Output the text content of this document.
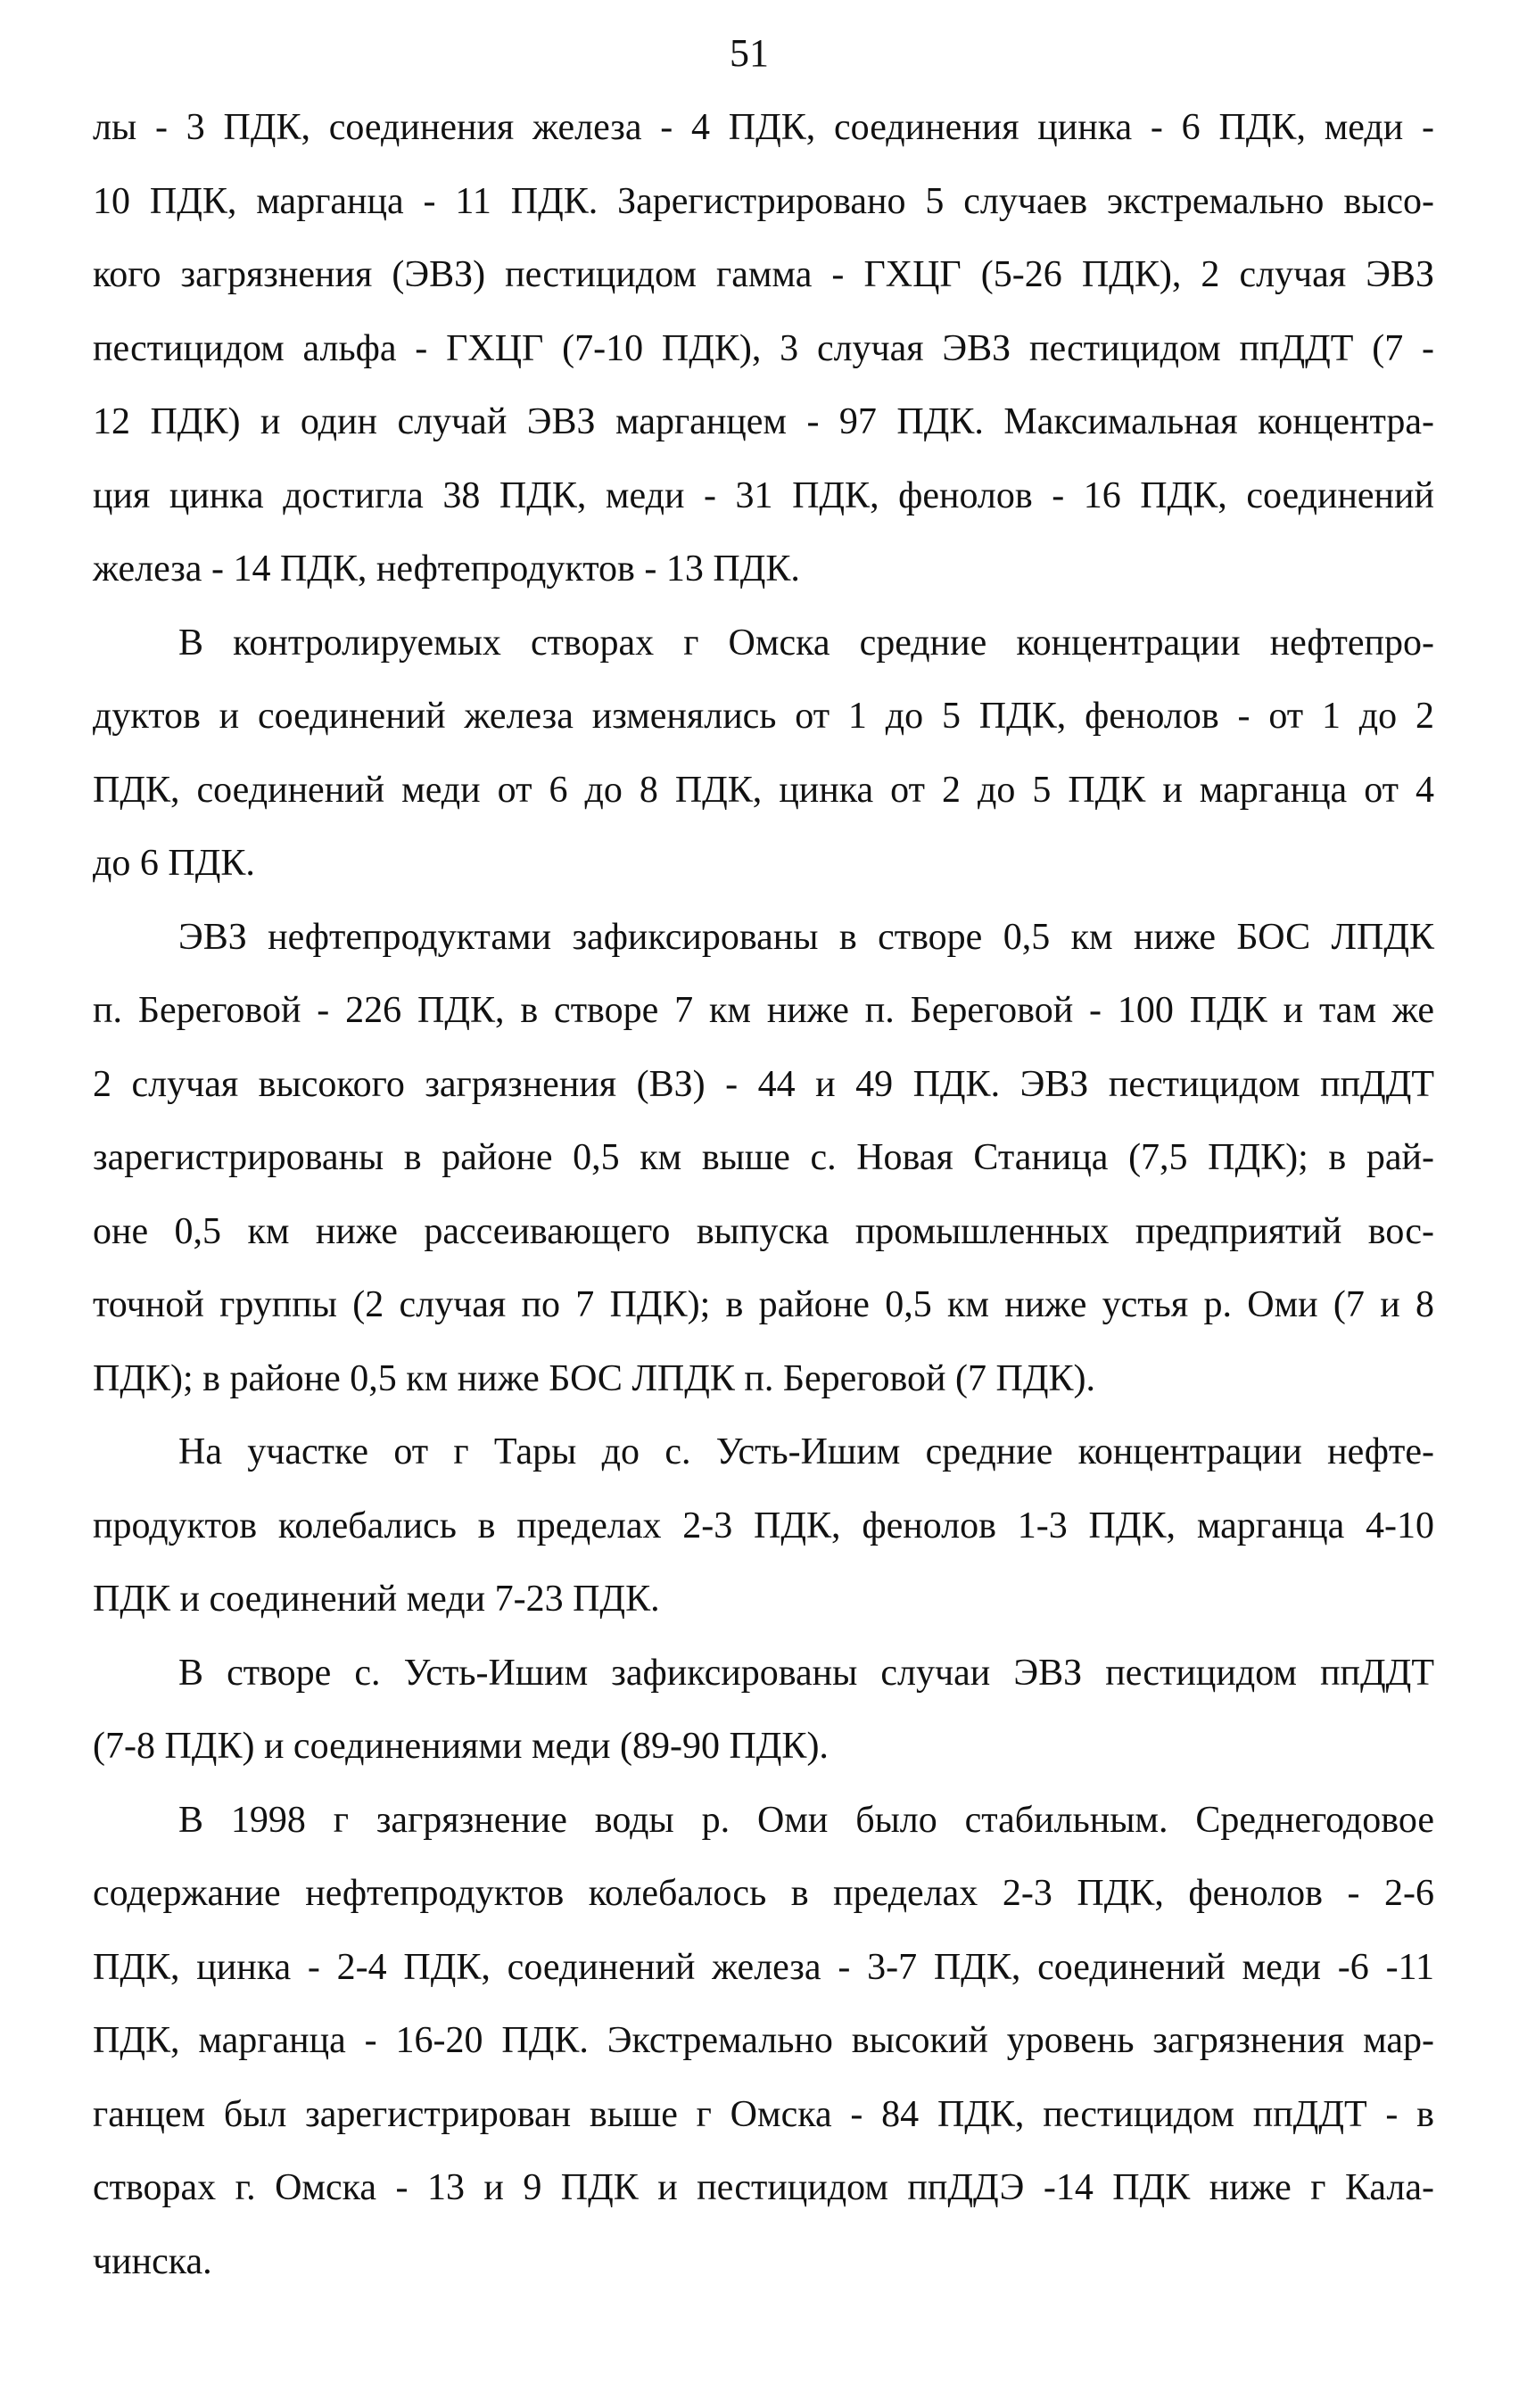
51
лы - 3 ПДК, соединения железа - 4 ПДК, соединения цинка - 6 ПДК, меди -
10 ПДК, марганца - 11 ПДК. Зарегистрировано 5 случаев экстремально высо-
кого загрязнения (ЭВЗ) пестицидом гамма - ГХЦГ (5-26 ПДК), 2 случая ЭВЗ
пестицидом альфа - ГХЦГ (7-10 ПДК), 3 случая ЭВЗ пестицидом ппДДТ (7 -
12 ПДК) и один случай ЭВЗ марганцем - 97 ПДК. Максимальная концентра-
ция цинка достигла 38 ПДК, меди - 31 ПДК, фенолов - 16 ПДК, соединений
железа - 14 ПДК, нефтепродуктов - 13 ПДК.
В контролируемых створах г Омска средние концентрации нефтепро-
дуктов и соединений железа изменялись от 1 до 5 ПДК, фенолов - от 1 до 2
ПДК, соединений меди от 6 до 8 ПДК, цинка от 2 до 5 ПДК и марганца от 4
до 6 ПДК.
ЭВЗ нефтепродуктами зафиксированы в створе 0,5 км ниже БОС ЛПДК
п. Береговой - 226 ПДК, в створе 7 км ниже п. Береговой - 100 ПДК и там же
2 случая высокого загрязнения (ВЗ) - 44 и 49 ПДК. ЭВЗ пестицидом ппДДТ
зарегистрированы в районе 0,5 км выше с. Новая Станица (7,5 ПДК); в рай-
оне 0,5 км ниже рассеивающего выпуска промышленных предприятий вос-
точной группы (2 случая по 7 ПДК); в районе 0,5 км ниже устья р. Оми (7 и 8
ПДК); в районе 0,5 км ниже БОС ЛПДК п. Береговой (7 ПДК).
На участке от г Тары до с. Усть-Ишим средние концентрации нефте-
продуктов колебались в пределах 2-3 ПДК, фенолов 1-3 ПДК, марганца 4-10
ПДК и соединений меди 7-23 ПДК.
В створе с. Усть-Ишим зафиксированы случаи ЭВЗ пестицидом ппДДТ
(7-8 ПДК) и соединениями меди (89-90 ПДК).
В 1998 г загрязнение воды р. Оми было стабильным. Среднегодовое
содержание нефтепродуктов колебалось в пределах 2-3 ПДК, фенолов - 2-6
ПДК, цинка - 2-4 ПДК, соединений железа - 3-7 ПДК, соединений меди -6 -11
ПДК, марганца - 16-20 ПДК. Экстремально высокий уровень загрязнения мар-
ганцем был зарегистрирован выше г Омска - 84 ПДК, пестицидом ппДДТ - в
створах г. Омска - 13 и 9 ПДК и пестицидом ппДДЭ -14 ПДК ниже г Кала-
чинска.
